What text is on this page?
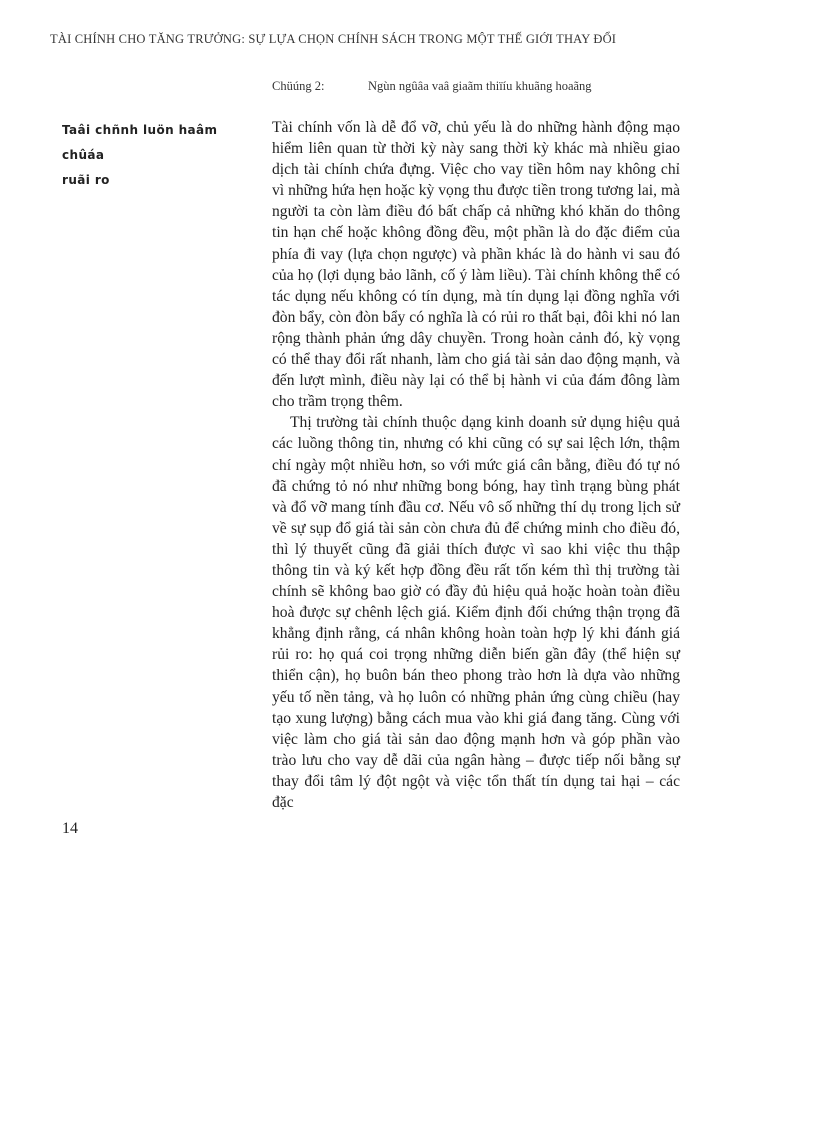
TÀI CHÍNH CHO TĂNG TRƯỞNG: SỰ LỰA CHỌN CHÍNH SÁCH TRONG MỘT THẾ GIỚI THAY ĐỔI
Chüúng 2:	Ngùn ngûâa vaâ giaãm thiïíu khuãng hoaãng
Taâi chñnh luön haâm chûáa
ruãi ro

Tài chính vốn là dễ đổ vỡ, chủ yếu là do những hành động mạo hiểm liên quan từ thời kỳ này sang thời kỳ khác mà nhiều giao dịch tài chính chứa đựng. Việc cho vay tiền hôm nay không chỉ vì những hứa hẹn hoặc kỳ vọng thu được tiền trong tương lai, mà người ta còn làm điều đó bất chấp cả những khó khăn do thông tin hạn chế hoặc không đồng đều, một phần là do đặc điểm của phía đi vay (lựa chọn ngược) và phần khác là do hành vi sau đó của họ (lợi dụng bảo lãnh, cố ý làm liều). Tài chính không thể có tác dụng nếu không có tín dụng, mà tín dụng lại đồng nghĩa với đòn bẩy, còn đòn bẩy có nghĩa là có rủi ro thất bại, đôi khi nó lan rộng thành phản ứng dây chuyền. Trong hoàn cảnh đó, kỳ vọng có thể thay đổi rất nhanh, làm cho giá tài sản dao động mạnh, và đến lượt mình, điều này lại có thể bị hành vi của đám đông làm cho trầm trọng thêm.

Thị trường tài chính thuộc dạng kinh doanh sử dụng hiệu quả các luồng thông tin, nhưng có khi cũng có sự sai lệch lớn, thậm chí ngày một nhiều hơn, so với mức giá cân bằng, điều đó tự nó đã chứng tỏ nó như những bong bóng, hay tình trạng bùng phát và đổ vỡ mang tính đầu cơ. Nếu vô số những thí dụ trong lịch sử về sự sụp đổ giá tài sản còn chưa đủ để chứng minh cho điều đó, thì lý thuyết cũng đã giải thích được vì sao khi việc thu thập thông tin và ký kết hợp đồng đều rất tốn kém thì thị trường tài chính sẽ không bao giờ có đầy đủ hiệu quả hoặc hoàn toàn điều hoà được sự chênh lệch giá. Kiểm định đối chứng thận trọng đã khẳng định rằng, cá nhân không hoàn toàn hợp lý khi đánh giá rủi ro: họ quá coi trọng những diễn biến gần đây (thể hiện sự thiển cận), họ buôn bán theo phong trào hơn là dựa vào những yếu tố nền tảng, và họ luôn có những phản ứng cùng chiều (hay tạo xung lượng) bằng cách mua vào khi giá đang tăng. Cùng với việc làm cho giá tài sản dao động mạnh hơn và góp phần vào trào lưu cho vay dễ dãi của ngân hàng – được tiếp nối bằng sự thay đổi tâm lý đột ngột và việc tổn thất tín dụng tai hại – các đặc

14
